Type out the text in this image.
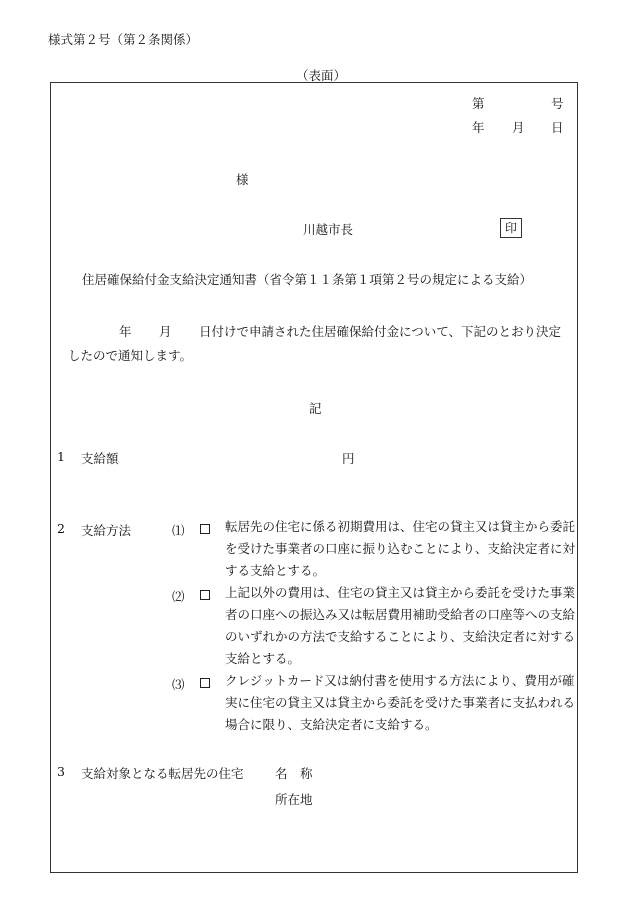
様式第２号（第２条関係）
（表面）
第	号
年 月 日
様
川越市長	印
住居確保給付金支給決定通知書（省令第１１条第１項第２号の規定による支給）
年 月 日付けで申請された住居確保給付金について、下記のとおり決定
したので通知します。
記
1 支給額	円
2 支給方法	⑴	転居先の住宅に係る初期費用は、住宅の貸主又は貸主から委託を受けた事業者の口座に振り込むことにより、支給決定者に対する支給とする。
⑵	上記以外の費用は、住宅の貸主又は貸主から委託を受けた事業者の口座への振込み又は転居費用補助受給者の口座等への支給のいずれかの方法で支給することにより、支給決定者に対する支給とする。
⑶	クレジットカード又は納付書を使用する方法により、費用が確実に住宅の貸主又は貸主から委託を受けた事業者に支払われる場合に限り、支給決定者に支給する。
3 支給対象となる転居先の住宅	名　称
所在地
